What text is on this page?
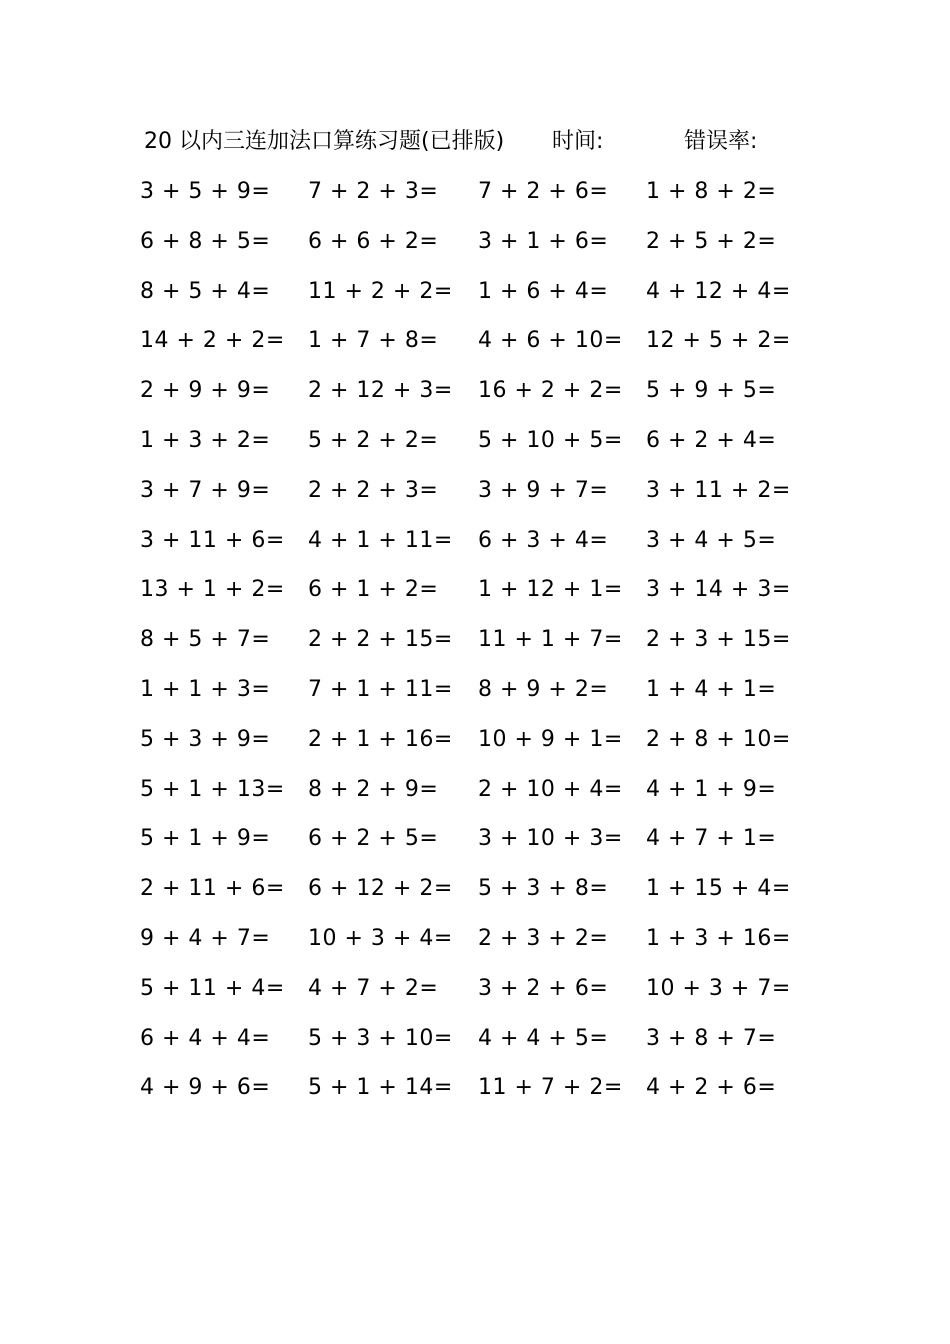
20 以内三连加法口算练习题(已排版) 时间:	错误率:
3 + 5 + 9= 7 + 2 + 3= 7 + 2 + 6= 1 + 8 + 2=
6 + 8 + 5= 6 + 6 + 2= 3 + 1 + 6= 2 + 5 + 2=
8 + 5 + 4= 11 + 2 + 2= 1 + 6 + 4= 4 + 12 + 4=
14 + 2 + 2= 1 + 7 + 8= 4 + 6 + 10= 12 + 5 + 2=
2 + 9 + 9= 2 + 12 + 3= 16 + 2 + 2= 5 + 9 + 5=
1 + 3 + 2= 5 + 2 + 2= 5 + 10 + 5= 6 + 2 + 4=
3 + 7 + 9= 2 + 2 + 3= 3 + 9 + 7= 3 + 11 + 2=
3 + 11 + 6= 4 + 1 + 11= 6 + 3 + 4= 3 + 4 + 5=
13 + 1 + 2= 6 + 1 + 2= 1 + 12 + 1= 3 + 14 + 3=
8 + 5 + 7= 2 + 2 + 15= 11 + 1 + 7= 2 + 3 + 15=
1 + 1 + 3= 7 + 1 + 11= 8 + 9 + 2= 1 + 4 + 1=
5 + 3 + 9= 2 + 1 + 16= 10 + 9 + 1= 2 + 8 + 10=
5 + 1 + 13= 8 + 2 + 9= 2 + 10 + 4= 4 + 1 + 9=
5 + 1 + 9= 6 + 2 + 5= 3 + 10 + 3= 4 + 7 + 1=
2 + 11 + 6= 6 + 12 + 2= 5 + 3 + 8= 1 + 15 + 4=
9 + 4 + 7= 10 + 3 + 4= 2 + 3 + 2= 1 + 3 + 16=
5 + 11 + 4= 4 + 7 + 2= 3 + 2 + 6= 10 + 3 + 7=
6 + 4 + 4= 5 + 3 + 10= 4 + 4 + 5= 3 + 8 + 7=
4 + 9 + 6= 5 + 1 + 14= 11 + 7 + 2= 4 + 2 + 6=
